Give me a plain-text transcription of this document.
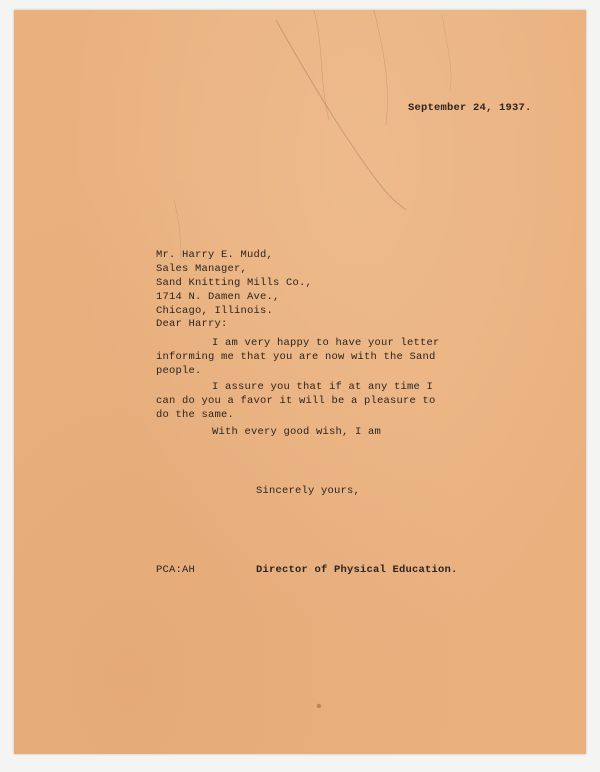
September 24, 1937.
Mr. Harry E. Mudd,
Sales Manager,
Sand Knitting Mills Co.,
1714 N. Damen Ave.,
Chicago, Illinois.
Dear Harry:
I am very happy to have your letter
informing me that you are now with the Sand
people.
I assure you that if at any time I
can do you a favor it will be a pleasure to
do the same.
With every good wish, I am
Sincerely yours,
PCA:AH	Director of Physical Education.
